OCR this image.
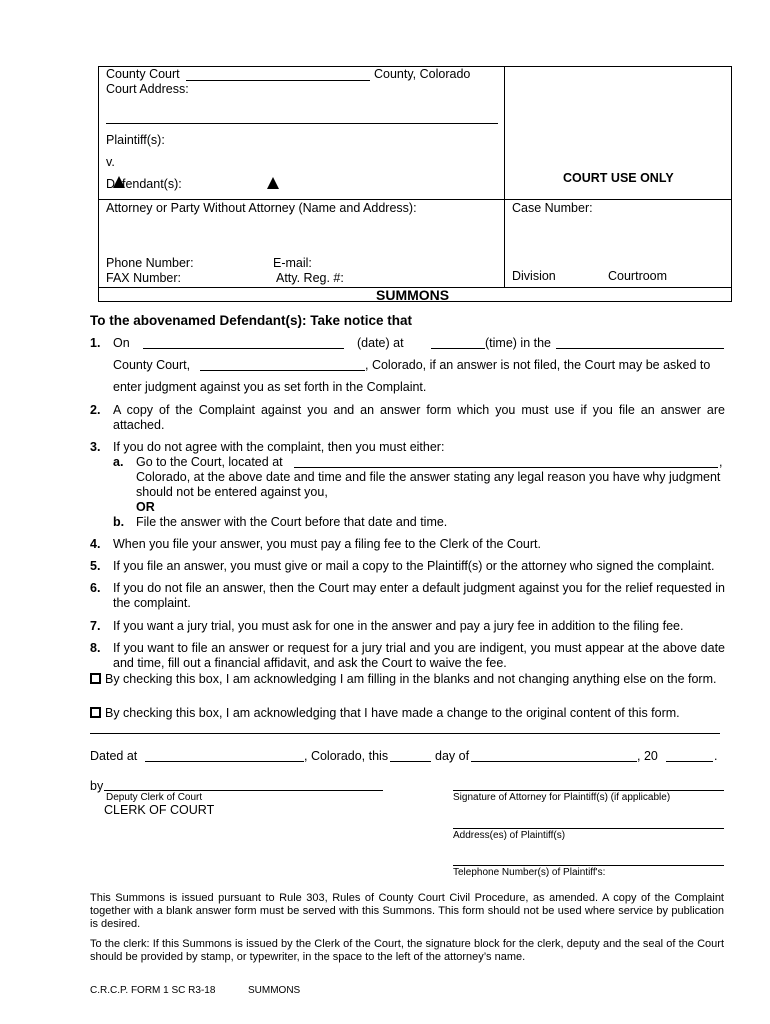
County Court	County, Colorado
Court Address:
Plaintiff(s):
v.
Defendant(s):	COURT USE ONLY
Attorney or Party Without Attorney (Name and Address):	Case Number:
Phone Number:	E-mail:
FAX Number:	Atty. Reg. #:	Division	Courtroom
SUMMONS
To the abovenamed Defendant(s): Take notice that
1. On	(date) at	(time) in the
County Court,	, Colorado, if an answer is not filed, the Court may be asked to
enter judgment against you as set forth in the Complaint.
2. A copy of the Complaint against you and an answer form which you must use if you file an answer are attached.
3. If you do not agree with the complaint, then you must either:
a. Go to the Court, located at	,
Colorado, at the above date and time and file the answer stating any legal reason you have why judgment should not be entered against you,
OR
b. File the answer with the Court before that date and time.
4. When you file your answer, you must pay a filing fee to the Clerk of the Court.
5. If you file an answer, you must give or mail a copy to the Plaintiff(s) or the attorney who signed the complaint.
6. If you do not file an answer, then the Court may enter a default judgment against you for the relief requested in the complaint.
7. If you want a jury trial, you must ask for one in the answer and pay a jury fee in addition to the filing fee.
8. If you want to file an answer or request for a jury trial and you are indigent, you must appear at the above date and time, fill out a financial affidavit, and ask the Court to waive the fee.
By checking this box, I am acknowledging I am filling in the blanks and not changing anything else on the form.
By checking this box, I am acknowledging that I have made a change to the original content of this form.
Dated at	, Colorado, this	day of	, 20	.
by
Deputy Clerk of Court
CLERK OF COURT
Signature of Attorney for Plaintiff(s) (if applicable)
Address(es) of Plaintiff(s)
Telephone Number(s) of Plaintiff's:
This Summons is issued pursuant to Rule 303, Rules of County Court Civil Procedure, as amended. A copy of the Complaint together with a blank answer form must be served with this Summons. This form should not be used where service by publication is desired.
To the clerk: If this Summons is issued by the Clerk of the Court, the signature block for the clerk, deputy and the seal of the Court should be provided by stamp, or typewriter, in the space to the left of the attorney’s name.
C.R.C.P. FORM 1 SC R3-18	SUMMONS
